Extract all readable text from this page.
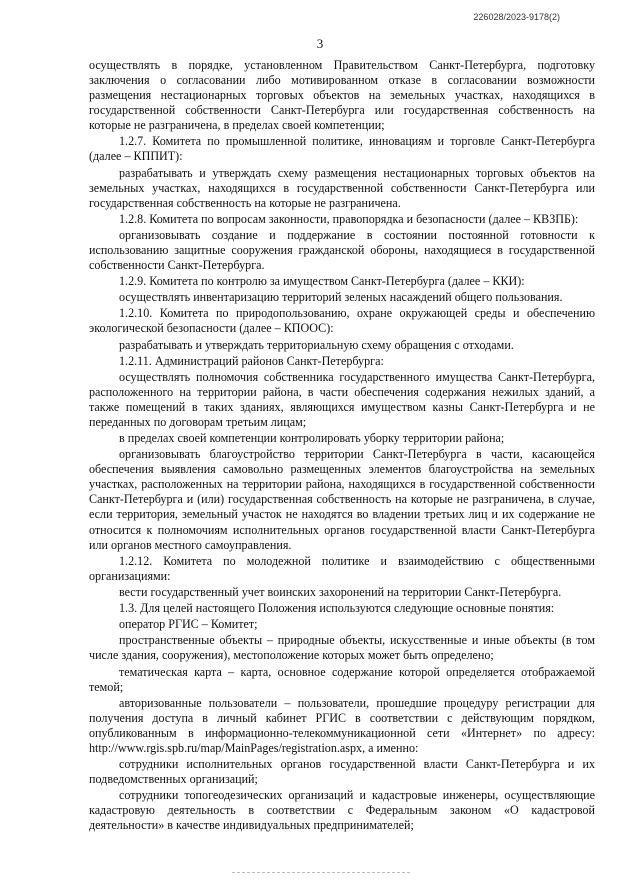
226028/2023-9178(2)
3

осуществлять в порядке, установленном Правительством Санкт-Петербурга, подготовку заключения о согласовании либо мотивированном отказе в согласовании возможности размещения нестационарных торговых объектов на земельных участках, находящихся в государственной собственности Санкт-Петербурга или государственная собственность на которые не разграничена, в пределах своей компетенции;

1.2.7. Комитета по промышленной политике, инновациям и торговле Санкт-Петербурга (далее – КППИТ):

разрабатывать и утверждать схему размещения нестационарных торговых объектов на земельных участках, находящихся в государственной собственности Санкт-Петербурга или государственная собственность на которые не разграничена.

1.2.8. Комитета по вопросам законности, правопорядка и безопасности (далее – КВЗПБ):

организовывать создание и поддержание в состоянии постоянной готовности к использованию защитные сооружения гражданской обороны, находящиеся в государственной собственности Санкт-Петербурга.

1.2.9. Комитета по контролю за имуществом Санкт-Петербурга (далее – ККИ):

осуществлять инвентаризацию территорий зеленых насаждений общего пользования.

1.2.10. Комитета по природопользованию, охране окружающей среды и обеспечению экологической безопасности (далее – КПООС):

разрабатывать и утверждать территориальную схему обращения с отходами.

1.2.11. Администраций районов Санкт-Петербурга:

осуществлять полномочия собственника государственного имущества Санкт-Петербурга, расположенного на территории района, в части обеспечения содержания нежилых зданий, а также помещений в таких зданиях, являющихся имуществом казны Санкт-Петербурга и не переданных по договорам третьим лицам;

в пределах своей компетенции контролировать уборку территории района;

организовывать благоустройство территории Санкт-Петербурга в части, касающейся обеспечения выявления самовольно размещенных элементов благоустройства на земельных участках, расположенных на территории района, находящихся в государственной собственности Санкт-Петербурга и (или) государственная собственность на которые не разграничена, в случае, если территория, земельный участок не находятся во владении третьих лиц и их содержание не относится к полномочиям исполнительных органов государственной власти Санкт-Петербурга или органов местного самоуправления.

1.2.12. Комитета по молодежной политике и взаимодействию с общественными организациями:

вести государственный учет воинских захоронений на территории Санкт-Петербурга.

1.3. Для целей настоящего Положения используются следующие основные понятия:

оператор РГИС – Комитет;

пространственные объекты – природные объекты, искусственные и иные объекты (в том числе здания, сооружения), местоположение которых может быть определено;

тематическая карта – карта, основное содержание которой определяется отображаемой темой;

авторизованные пользователи – пользователи, прошедшие процедуру регистрации для получения доступа в личный кабинет РГИС в соответствии с действующим порядком, опубликованным в информационно-телекоммуникационной сети «Интернет» по адресу: http://www.rgis.spb.ru/map/MainPages/registration.aspx, а именно:

сотрудники исполнительных органов государственной власти Санкт-Петербурга и их подведомственных организаций;

сотрудники топогеодезических организаций и кадастровые инженеры, осуществляющие кадастровую деятельность в соответствии с Федеральным законом «О кадастровой деятельности» в качестве индивидуальных предпринимателей;
